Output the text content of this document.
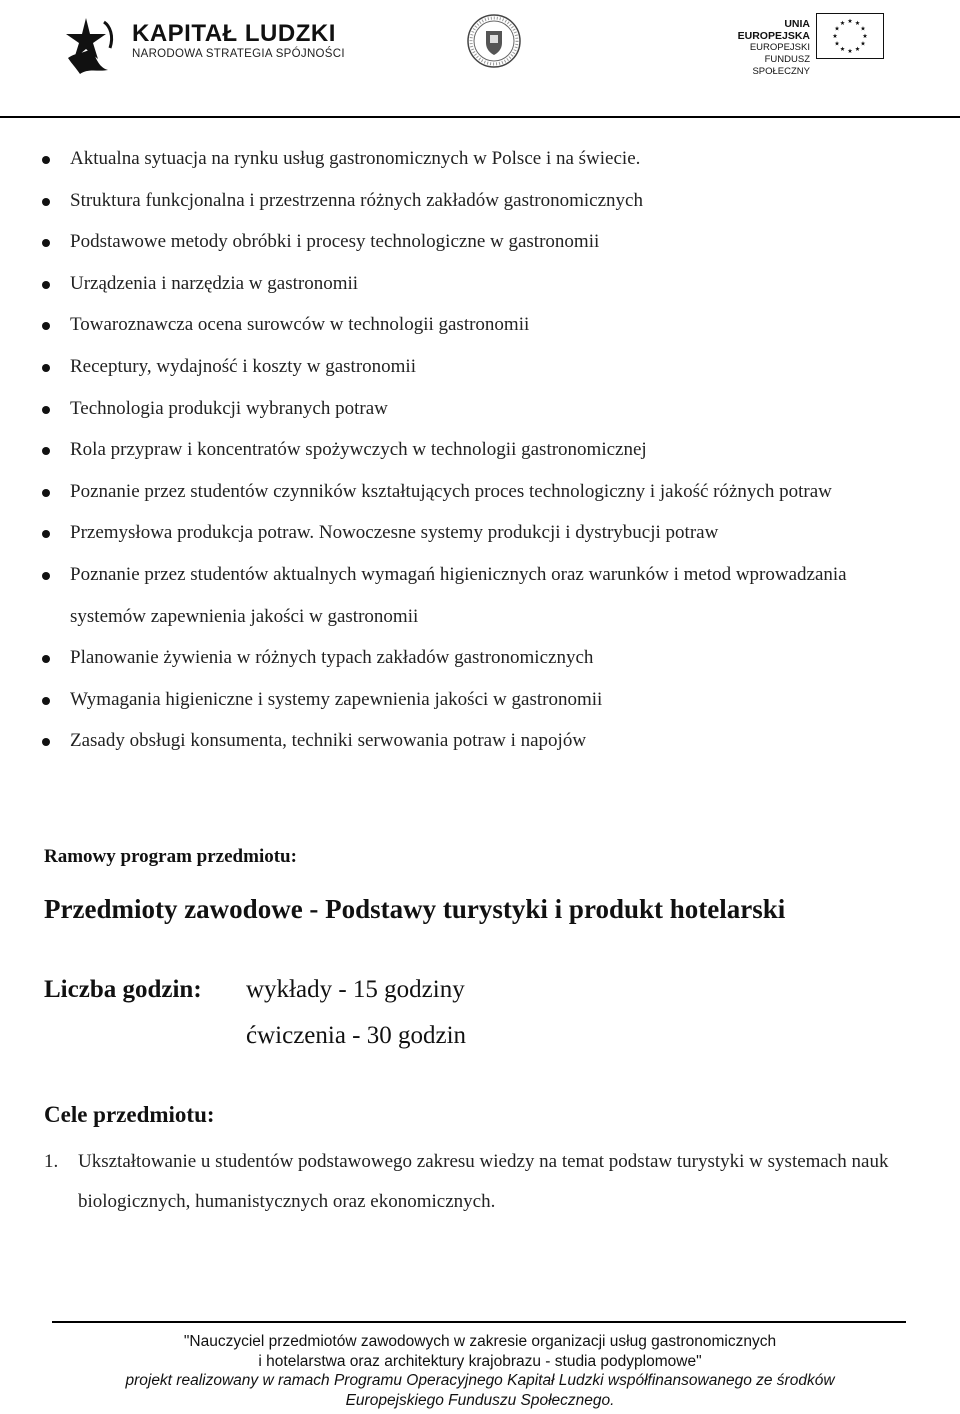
KAPITAŁ LUDZKI
NARODOWA STRATEGIA SPÓJNOŚCI
UNIA EUROPEJSKA
EUROPEJSKI
FUNDUSZ SPOŁECZNY
Aktualna sytuacja na rynku usług gastronomicznych w Polsce i na świecie.
Struktura funkcjonalna i przestrzenna różnych zakładów gastronomicznych
Podstawowe metody obróbki i procesy technologiczne w gastronomii
Urządzenia i narzędzia w gastronomii
Towaroznawcza ocena surowców w technologii gastronomii
Receptury, wydajność i koszty w gastronomii
Technologia produkcji wybranych potraw
Rola przypraw i koncentratów spożywczych w technologii gastronomicznej
Poznanie przez studentów czynników kształtujących proces technologiczny i jakość różnych potraw
Przemysłowa produkcja potraw. Nowoczesne systemy produkcji i dystrybucji potraw
Poznanie przez studentów aktualnych wymagań higienicznych oraz warunków i metod wprowadzania systemów zapewnienia jakości w gastronomii
Planowanie żywienia w różnych typach zakładów gastronomicznych
Wymagania higieniczne i systemy zapewnienia jakości w gastronomii
Zasady obsługi konsumenta, techniki serwowania potraw i napojów
Ramowy program przedmiotu:
Przedmioty zawodowe - Podstawy turystyki i produkt hotelarski
Liczba godzin: wykłady - 15 godziny
ćwiczenia - 30 godzin
Cele przedmiotu:
1.	Ukształtowanie u studentów podstawowego zakresu wiedzy na temat podstaw turystyki w systemach nauk biologicznych, humanistycznych oraz ekonomicznych.
"Nauczyciel przedmiotów zawodowych w zakresie organizacji usług gastronomicznych
i hotelarstwa oraz architektury krajobrazu - studia podyplomowe"
projekt realizowany w ramach Programu Operacyjnego Kapitał Ludzki współfinansowanego ze środków
Europejskiego Funduszu Społecznego.
